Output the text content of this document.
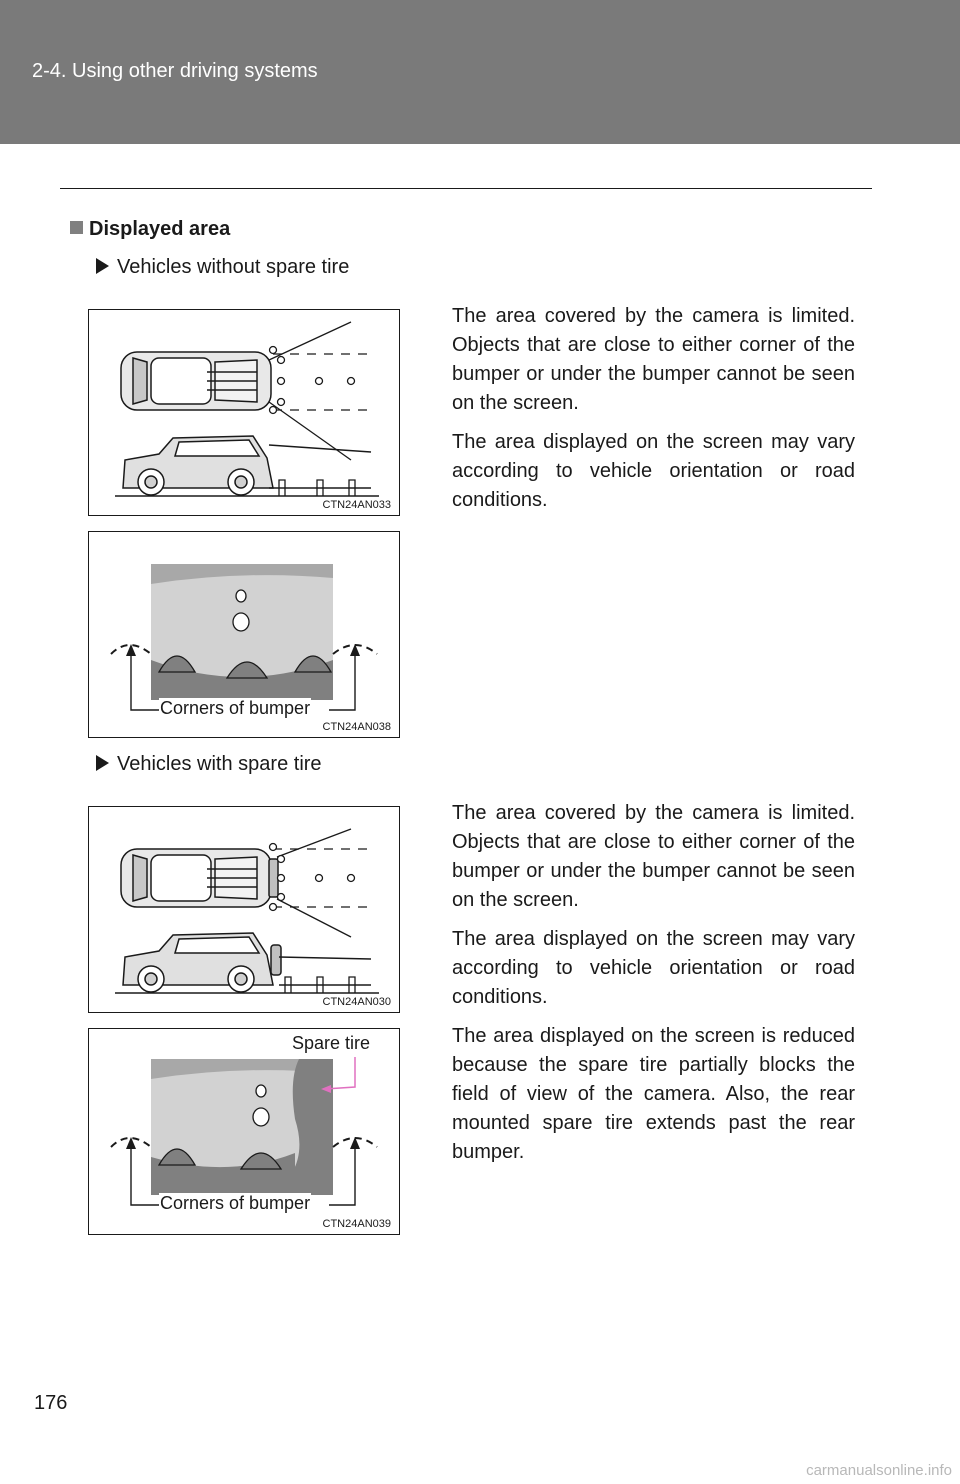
2-4. Using other driving systems
Displayed area
Vehicles without spare tire

The area covered by the camera is limited. Objects that are close to either corner of the bumper or under the bumper cannot be seen on the screen.

The area displayed on the screen may vary according to vehicle orientation or road conditions.

CTN24AN033
Corners of bumper
CTN24AN038
Vehicles with spare tire

The area covered by the camera is limited. Objects that are close to either corner of the bumper or under the bumper cannot be seen on the screen.

The area displayed on the screen may vary according to vehicle orientation or road conditions.

The area displayed on the screen is reduced because the spare tire partially blocks the field of view of the camera. Also, the rear mounted spare tire extends past the rear bumper.

CTN24AN030
Spare tire
Corners of bumper
CTN24AN039
176
carmanualsonline.info
